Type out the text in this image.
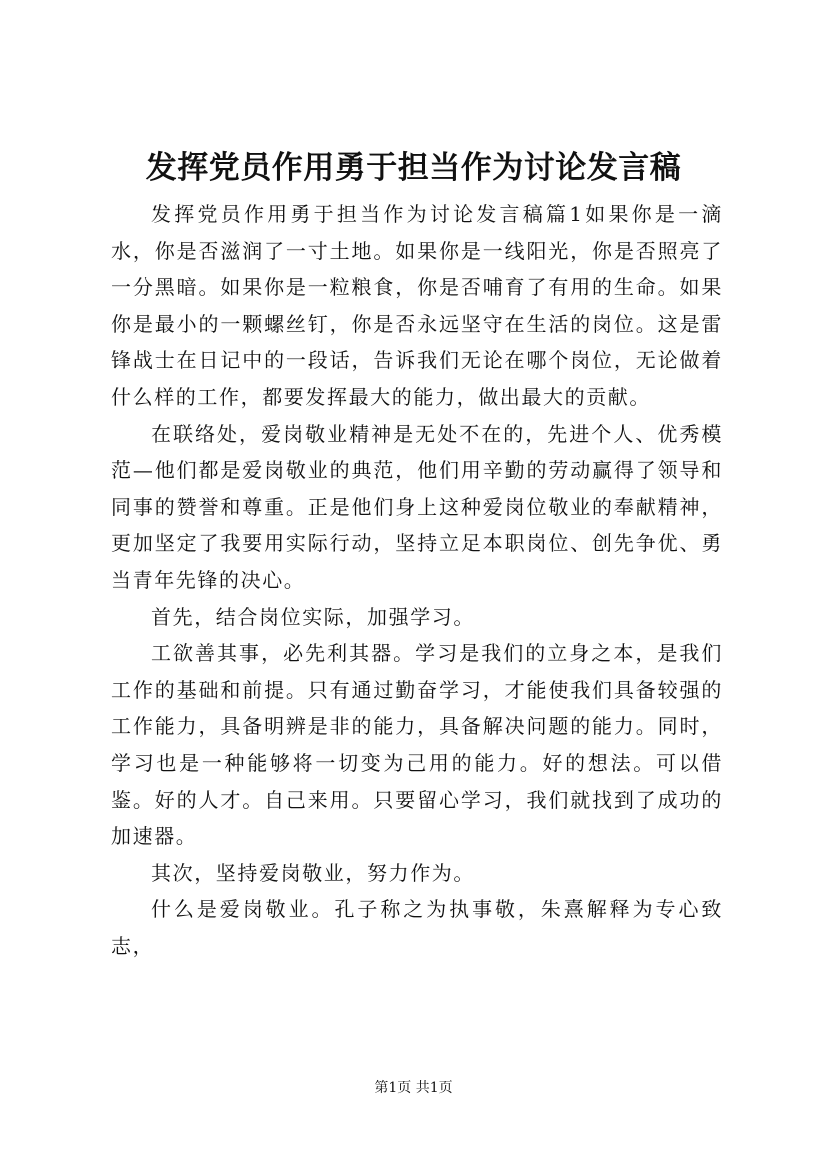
发挥党员作用勇于担当作为讨论发言稿

发挥党员作用勇于担当作为讨论发言稿篇1如果你是一滴水，你是否滋润了一寸土地。如果你是一线阳光，你是否照亮了一分黑暗。如果你是一粒粮食，你是否哺育了有用的生命。如果你是最小的一颗螺丝钉，你是否永远坚守在生活的岗位。这是雷锋战士在日记中的一段话，告诉我们无论在哪个岗位，无论做着什么样的工作，都要发挥最大的能力，做出最大的贡献。

在联络处，爱岗敬业精神是无处不在的，先进个人、优秀模范—他们都是爱岗敬业的典范，他们用辛勤的劳动赢得了领导和同事的赞誉和尊重。正是他们身上这种爱岗位敬业的奉献精神，更加坚定了我要用实际行动，坚持立足本职岗位、创先争优、勇当青年先锋的决心。

首先，结合岗位实际，加强学习。

工欲善其事，必先利其器。学习是我们的立身之本，是我们工作的基础和前提。只有通过勤奋学习，才能使我们具备较强的工作能力，具备明辨是非的能力，具备解决问题的能力。同时，学习也是一种能够将一切变为己用的能力。好的想法。可以借鉴。好的人才。自己来用。只要留心学习，我们就找到了成功的加速器。

其次，坚持爱岗敬业，努力作为。

什么是爱岗敬业。孔子称之为执事敬，朱熹解释为专心致志，

第1页 共1页
